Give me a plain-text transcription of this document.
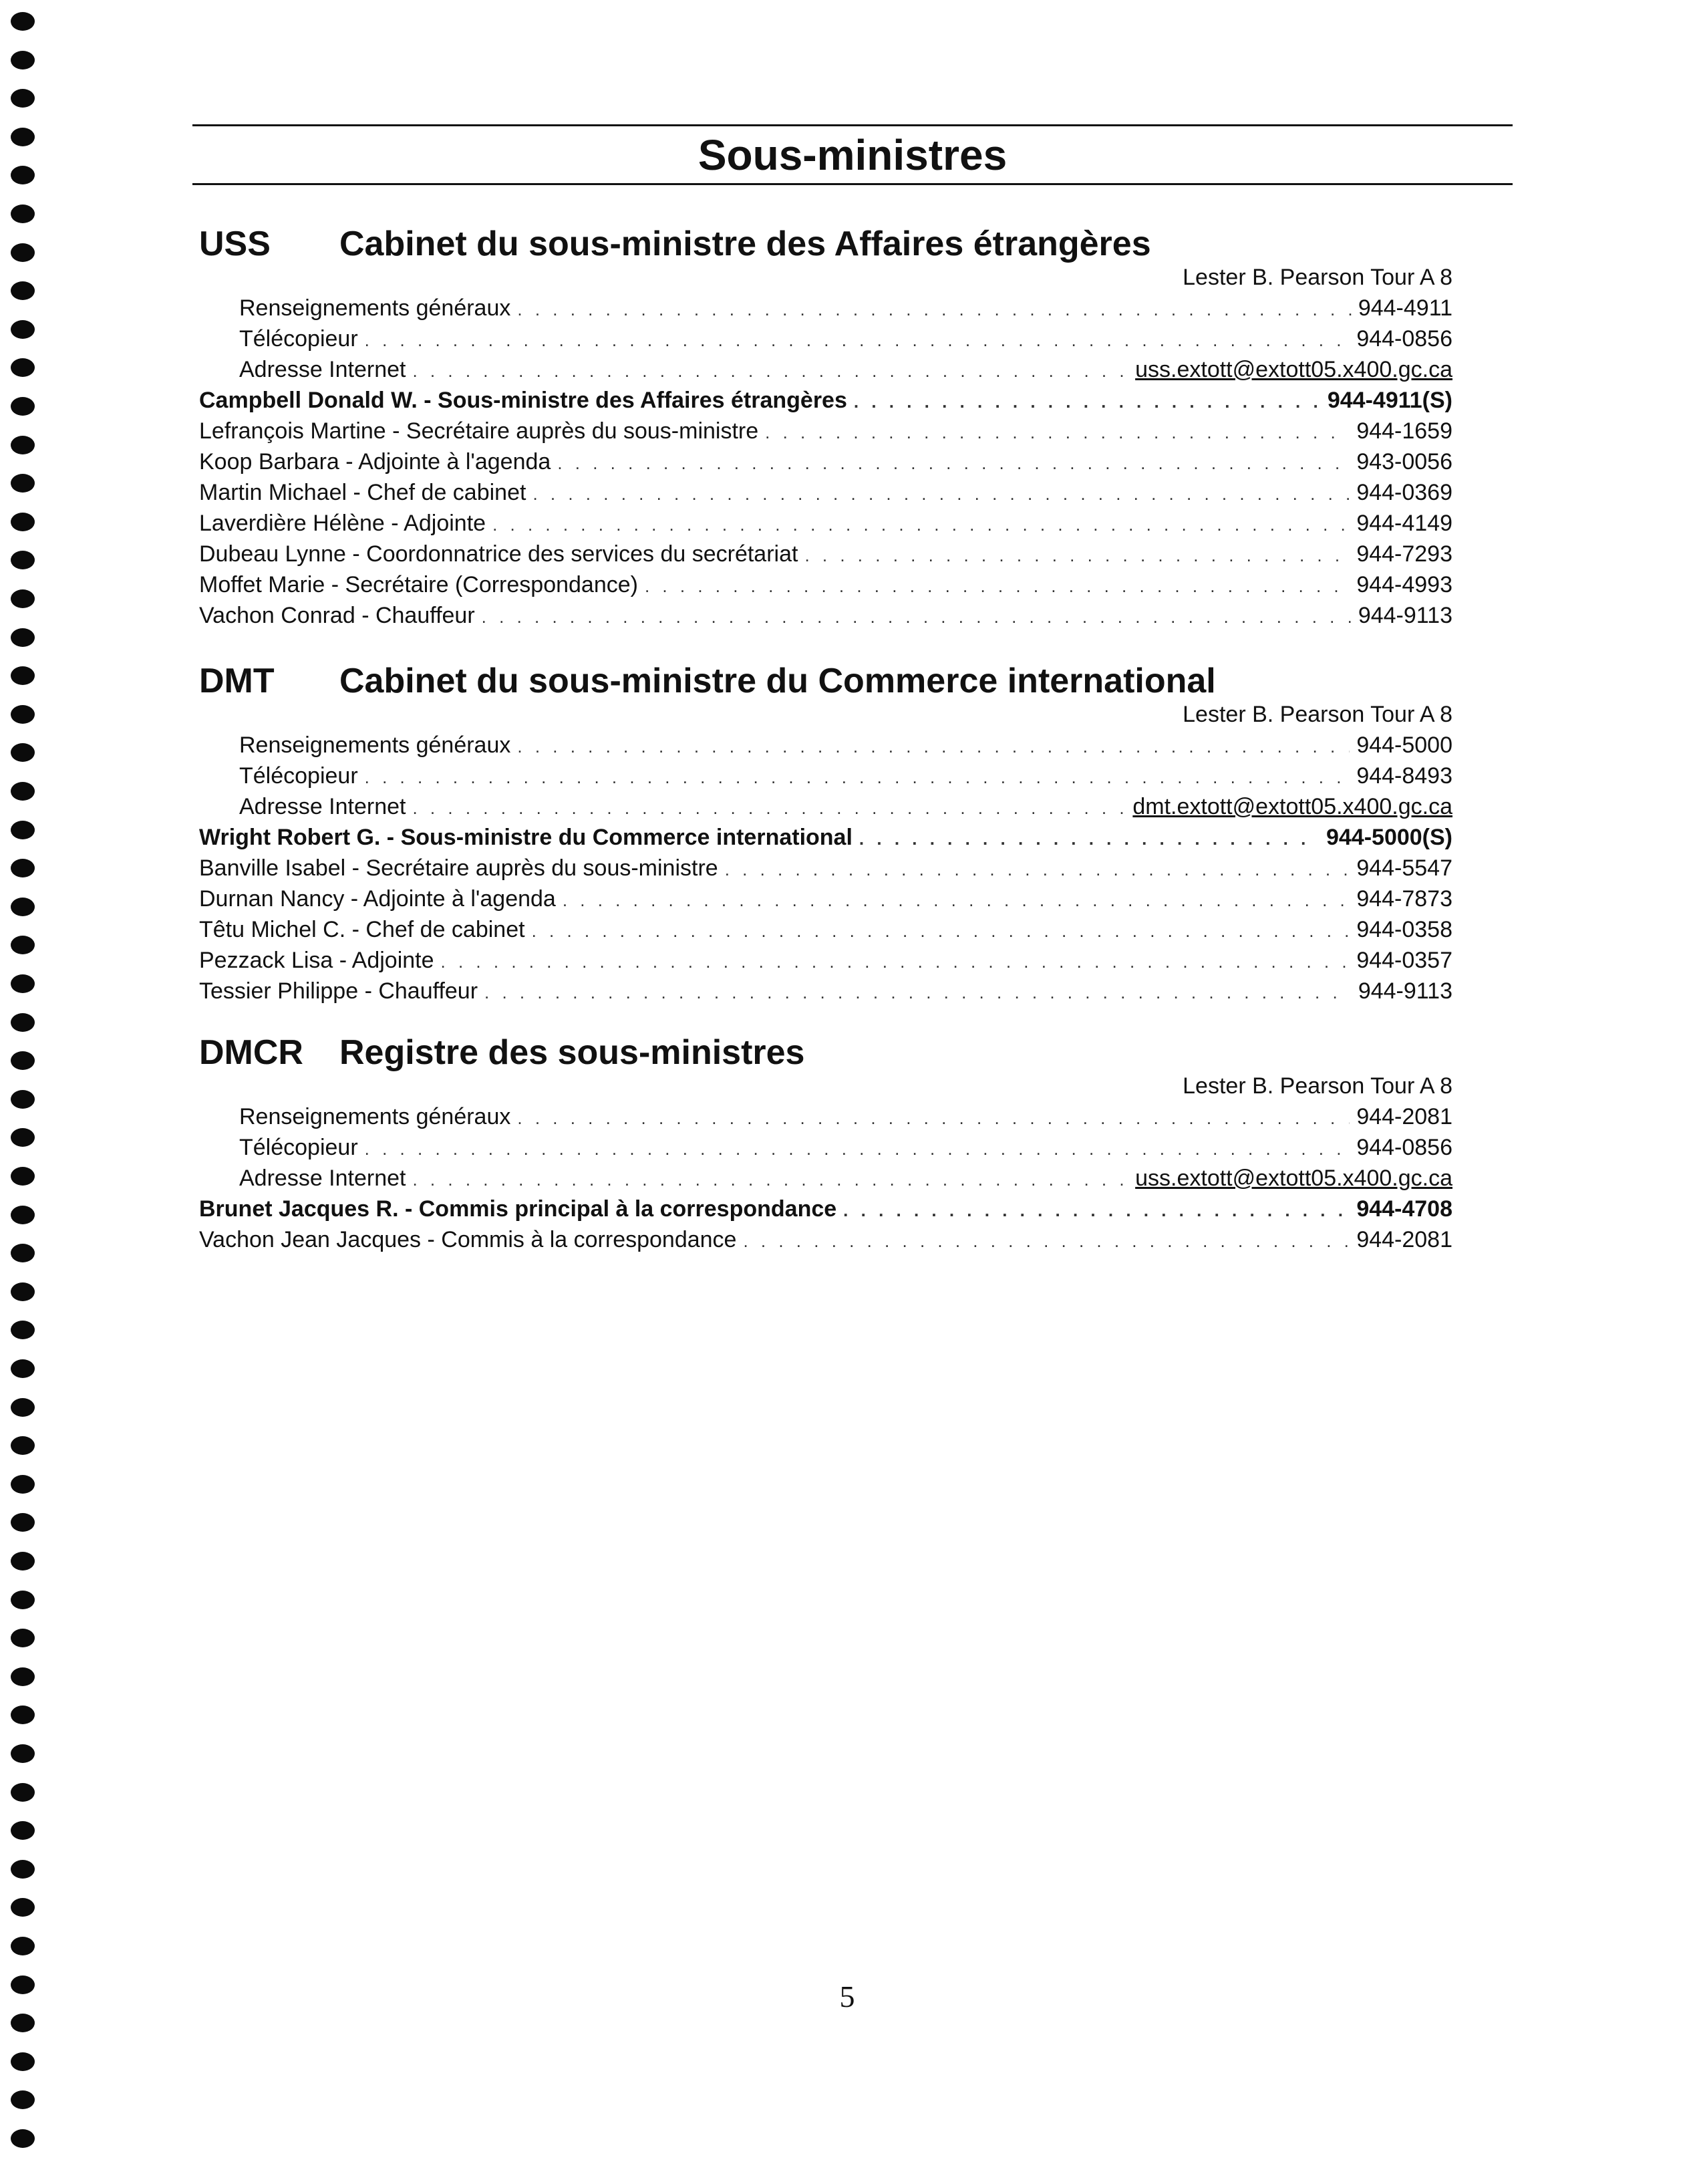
Sous-ministres
USS Cabinet du sous-ministre des Affaires étrangères
Lester B. Pearson Tour A 8
Renseignements généraux . . .	944-4911
Télécopieur . . .	944-0856
Adresse Internet . . .	uss.extott@extott05.x400.gc.ca
Campbell Donald W. - Sous-ministre des Affaires étrangères . . .	944-4911(S)
Lefrançois Martine - Secrétaire auprès du sous-ministre . . .	944-1659
Koop Barbara - Adjointe à l'agenda . . .	943-0056
Martin Michael - Chef de cabinet . . .	944-0369
Laverdière Hélène - Adjointe . . .	944-4149
Dubeau Lynne - Coordonnatrice des services du secrétariat . . .	944-7293
Moffet Marie - Secrétaire (Correspondance) . . .	944-4993
Vachon Conrad - Chauffeur . . .	944-9113
DMT Cabinet du sous-ministre du Commerce international
Lester B. Pearson Tour A 8
Renseignements généraux . . .	944-5000
Télécopieur . . .	944-8493
Adresse Internet . . .	dmt.extott@extott05.x400.gc.ca
Wright Robert G. - Sous-ministre du Commerce international . . .	944-5000(S)
Banville Isabel - Secrétaire auprès du sous-ministre . . .	944-5547
Durnan Nancy - Adjointe à l'agenda . . .	944-7873
Têtu Michel C. - Chef de cabinet . . .	944-0358
Pezzack Lisa - Adjointe . . .	944-0357
Tessier Philippe - Chauffeur . . .	944-9113
DMCR Registre des sous-ministres
Lester B. Pearson Tour A 8
Renseignements généraux . . .	944-2081
Télécopieur . . .	944-0856
Adresse Internet . . .	uss.extott@extott05.x400.gc.ca
Brunet Jacques R. - Commis principal à la correspondance . . .	944-4708
Vachon Jean Jacques - Commis à la correspondance . . .	944-2081
5
